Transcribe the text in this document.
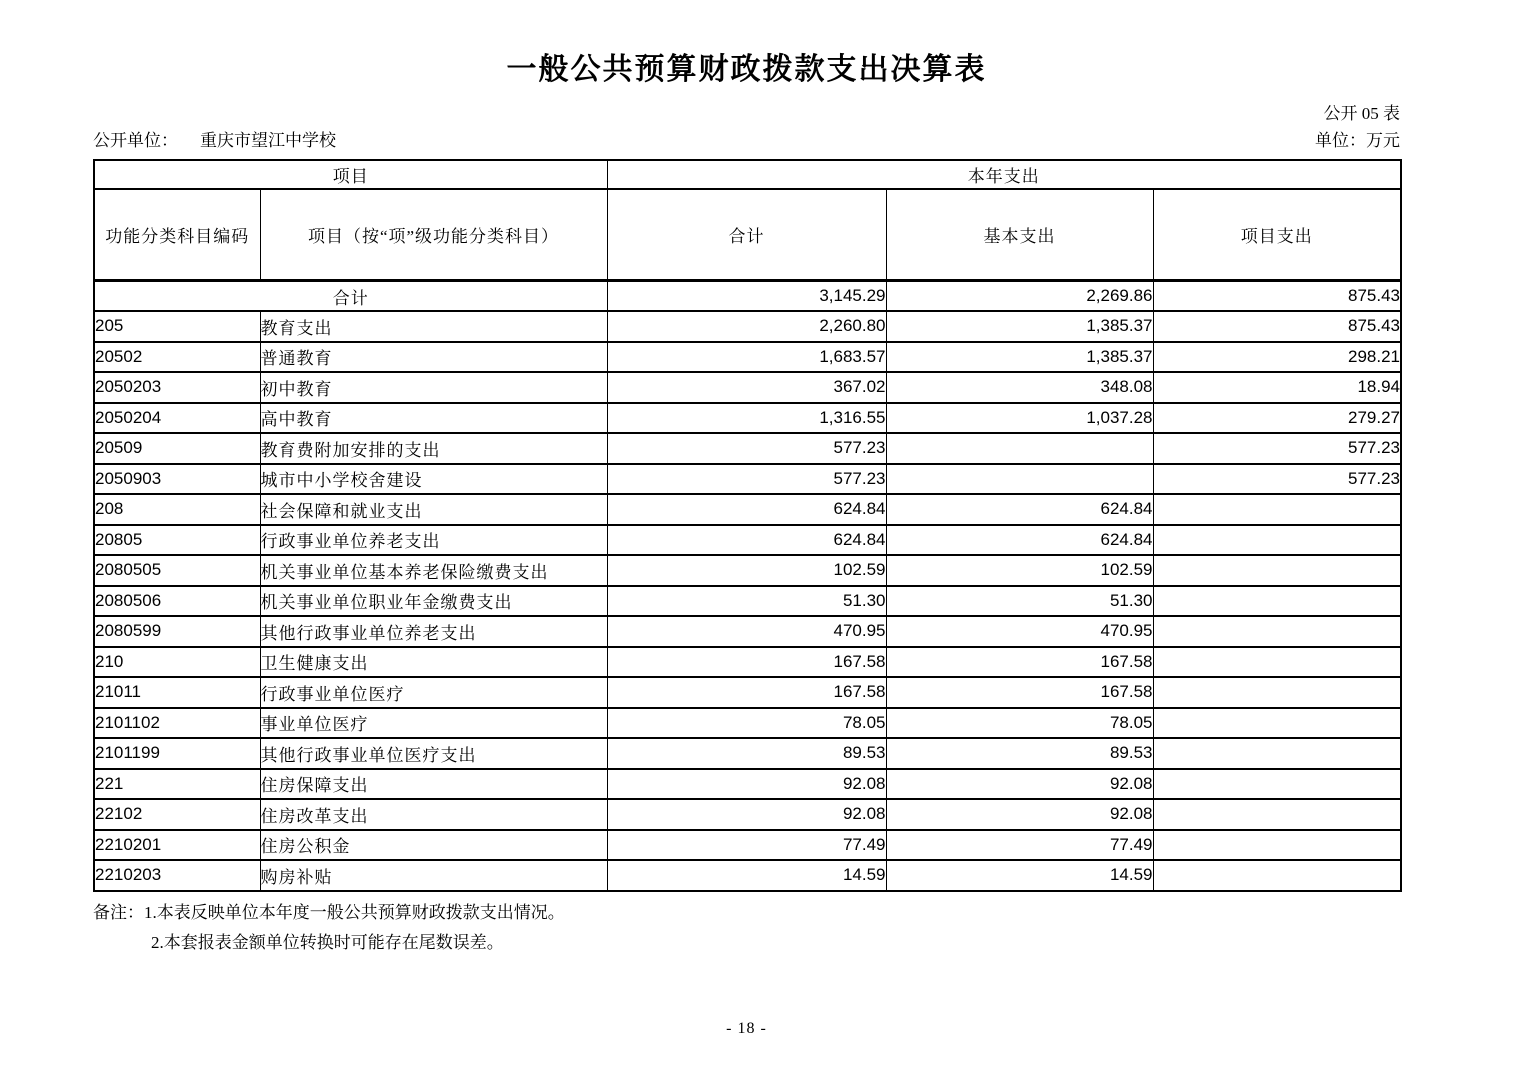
一般公共预算财政拨款支出决算表
公开 05 表
公开单位： 重庆市望江中学校	单位：万元
项目		本年支出		
功能分类科目编码	项目（按“项”级功能分类科目）	合计	基本支出	项目支出
合计		3,145.29	2,269.86	875.43
205	教育支出	2,260.80	1,385.37	875.43
20502	普通教育	1,683.57	1,385.37	298.21
2050203	初中教育	367.02	348.08	18.94
2050204	高中教育	1,316.55	1,037.28	279.27
20509	教育费附加安排的支出	577.23		577.23
2050903	城市中小学校舍建设	577.23		577.23
208	社会保障和就业支出	624.84	624.84	
20805	行政事业单位养老支出	624.84	624.84	
2080505	机关事业单位基本养老保险缴费支出	102.59	102.59	
2080506	机关事业单位职业年金缴费支出	51.30	51.30	
2080599	其他行政事业单位养老支出	470.95	470.95	
210	卫生健康支出	167.58	167.58	
21011	行政事业单位医疗	167.58	167.58	
2101102	事业单位医疗	78.05	78.05	
2101199	其他行政事业单位医疗支出	89.53	89.53	
221	住房保障支出	92.08	92.08	
22102	住房改革支出	92.08	92.08	
2210201	住房公积金	77.49	77.49	
2210203	购房补贴	14.59	14.59	
备注：1.本表反映单位本年度一般公共预算财政拨款支出情况。
2.本套报表金额单位转换时可能存在尾数误差。
- 18 -
